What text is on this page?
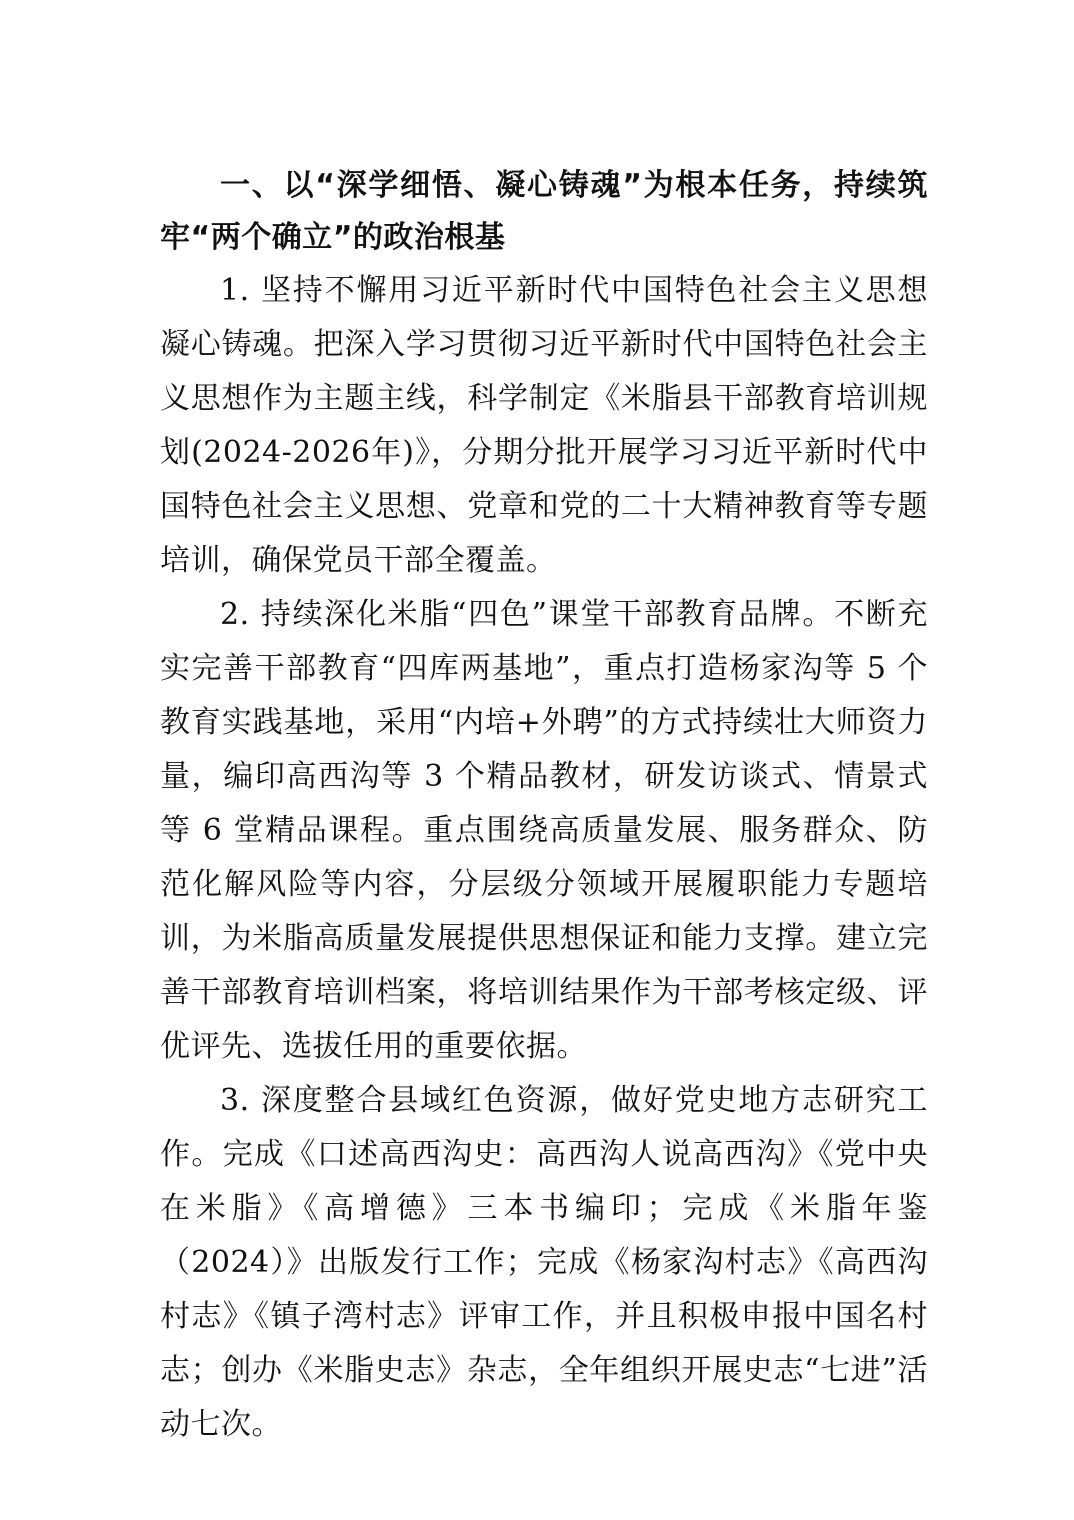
一、以“深学细悟、凝心铸魂”为根本任务，持续筑牢“两个确立”的政治根基

1. 坚持不懈用习近平新时代中国特色社会主义思想凝心铸魂。把深入学习贯彻习近平新时代中国特色社会主义思想作为主题主线，科学制定《米脂县干部教育培训规划(2024-2026年)》，分期分批开展学习习近平新时代中国特色社会主义思想、党章和党的二十大精神教育等专题培训，确保党员干部全覆盖。

2. 持续深化米脂“四色”课堂干部教育品牌。不断充实完善干部教育“四库两基地”，重点打造杨家沟等 5 个教育实践基地，采用“内培+外聘”的方式持续壮大师资力量，编印高西沟等 3 个精品教材，研发访谈式、情景式等 6 堂精品课程。重点围绕高质量发展、服务群众、防范化解风险等内容，分层级分领域开展履职能力专题培训，为米脂高质量发展提供思想保证和能力支撑。建立完善干部教育培训档案，将培训结果作为干部考核定级、评优评先、选拔任用的重要依据。

3. 深度整合县域红色资源，做好党史地方志研究工作。完成《口述高西沟史：高西沟人说高西沟》《党中央在米脂》《高增德》三本书编印；完成《米脂年鉴（2024）》出版发行工作；完成《杨家沟村志》《高西沟村志》《镇子湾村志》评审工作，并且积极申报中国名村志；创办《米脂史志》杂志，全年组织开展史志“七进”活动七次。
